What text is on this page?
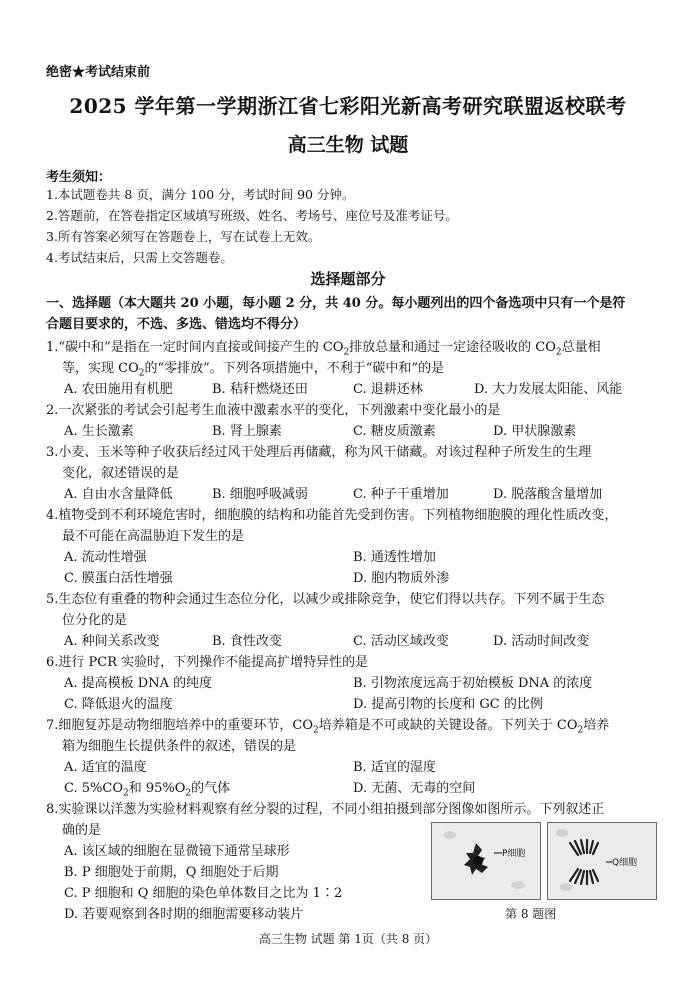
绝密★考试结束前
2025 学年第一学期浙江省七彩阳光新高考研究联盟返校联考
高三生物 试题
考生须知：
1.本试题卷共 8 页，满分 100 分，考试时间 90 分钟。
2.答题前，在答卷指定区域填写班级、姓名、考场号、座位号及准考证号。
3.所有答案必须写在答题卷上，写在试卷上无效。
4.考试结束后，只需上交答题卷。
选择题部分
一、选择题（本大题共 20 小题，每小题 2 分，共 40 分。每小题列出的四个备选项中只有一个是符
合题目要求的，不选、多选、错选均不得分）
1.“碳中和”是指在一定时间内直接或间接产生的 $CO_2$排放总量和通过一定途径吸收的 $CO_2$总量相
等，实现 $CO_2$的“零排放”。下列各项措施中，不利于“碳中和”的是
A. 农田施用有机肥	B. 秸秆燃烧还田	C. 退耕还林	D. 大力发展太阳能、风能
2.一次紧张的考试会引起考生血液中激素水平的变化，下列激素中变化最小的是
A. 生长激素	B. 肾上腺素	C. 糖皮质激素	D. 甲状腺激素
3.小麦、玉米等种子收获后经过风干处理后再储藏，称为风干储藏。对该过程种子所发生的生理
变化，叙述错误的是
A. 自由水含量降低	B. 细胞呼吸减弱	C. 种子干重增加	D. 脱落酸含量增加
4.植物受到不利环境危害时，细胞膜的结构和功能首先受到伤害。下列植物细胞膜的理化性质改变，
最不可能在高温胁迫下发生的是
A. 流动性增强	B. 通透性增加
C. 膜蛋白活性增强	D. 胞内物质外渗
5.生态位有重叠的物种会通过生态位分化，以减少或排除竞争，使它们得以共存。下列不属于生态
位分化的是
A. 种间关系改变	B. 食性改变	C. 活动区域改变	D. 活动时间改变
6.进行 PCR 实验时，下列操作不能提高扩增特异性的是
A. 提高模板 DNA 的纯度	B. 引物浓度远高于初始模板 DNA 的浓度
C. 降低退火的温度	D. 提高引物的长度和 GC 的比例
7.细胞复苏是动物细胞培养中的重要环节，$CO_2$培养箱是不可或缺的关键设备。下列关于 $CO_2$培养
箱为细胞生长提供条件的叙述，错误的是
A. 适宜的温度	B. 适宜的湿度
C. $5\%CO_2$和 $95\%O_2$的气体	D. 无菌、无毒的空间
8.实验课以洋葱为实验材料观察有丝分裂的过程，不同小组拍摄到部分图像如图所示。下列叙述正
确的是
A. 该区域的细胞在显微镜下通常呈球形
B. P 细胞处于前期，Q 细胞处于后期
C. P 细胞和 Q 细胞的染色单体数目之比为 1∶2
D. 若要观察到各时期的细胞需要移动装片
P细胞
Q细胞
第 8 题图
高三生物 试题 第 1页（共 8 页）
